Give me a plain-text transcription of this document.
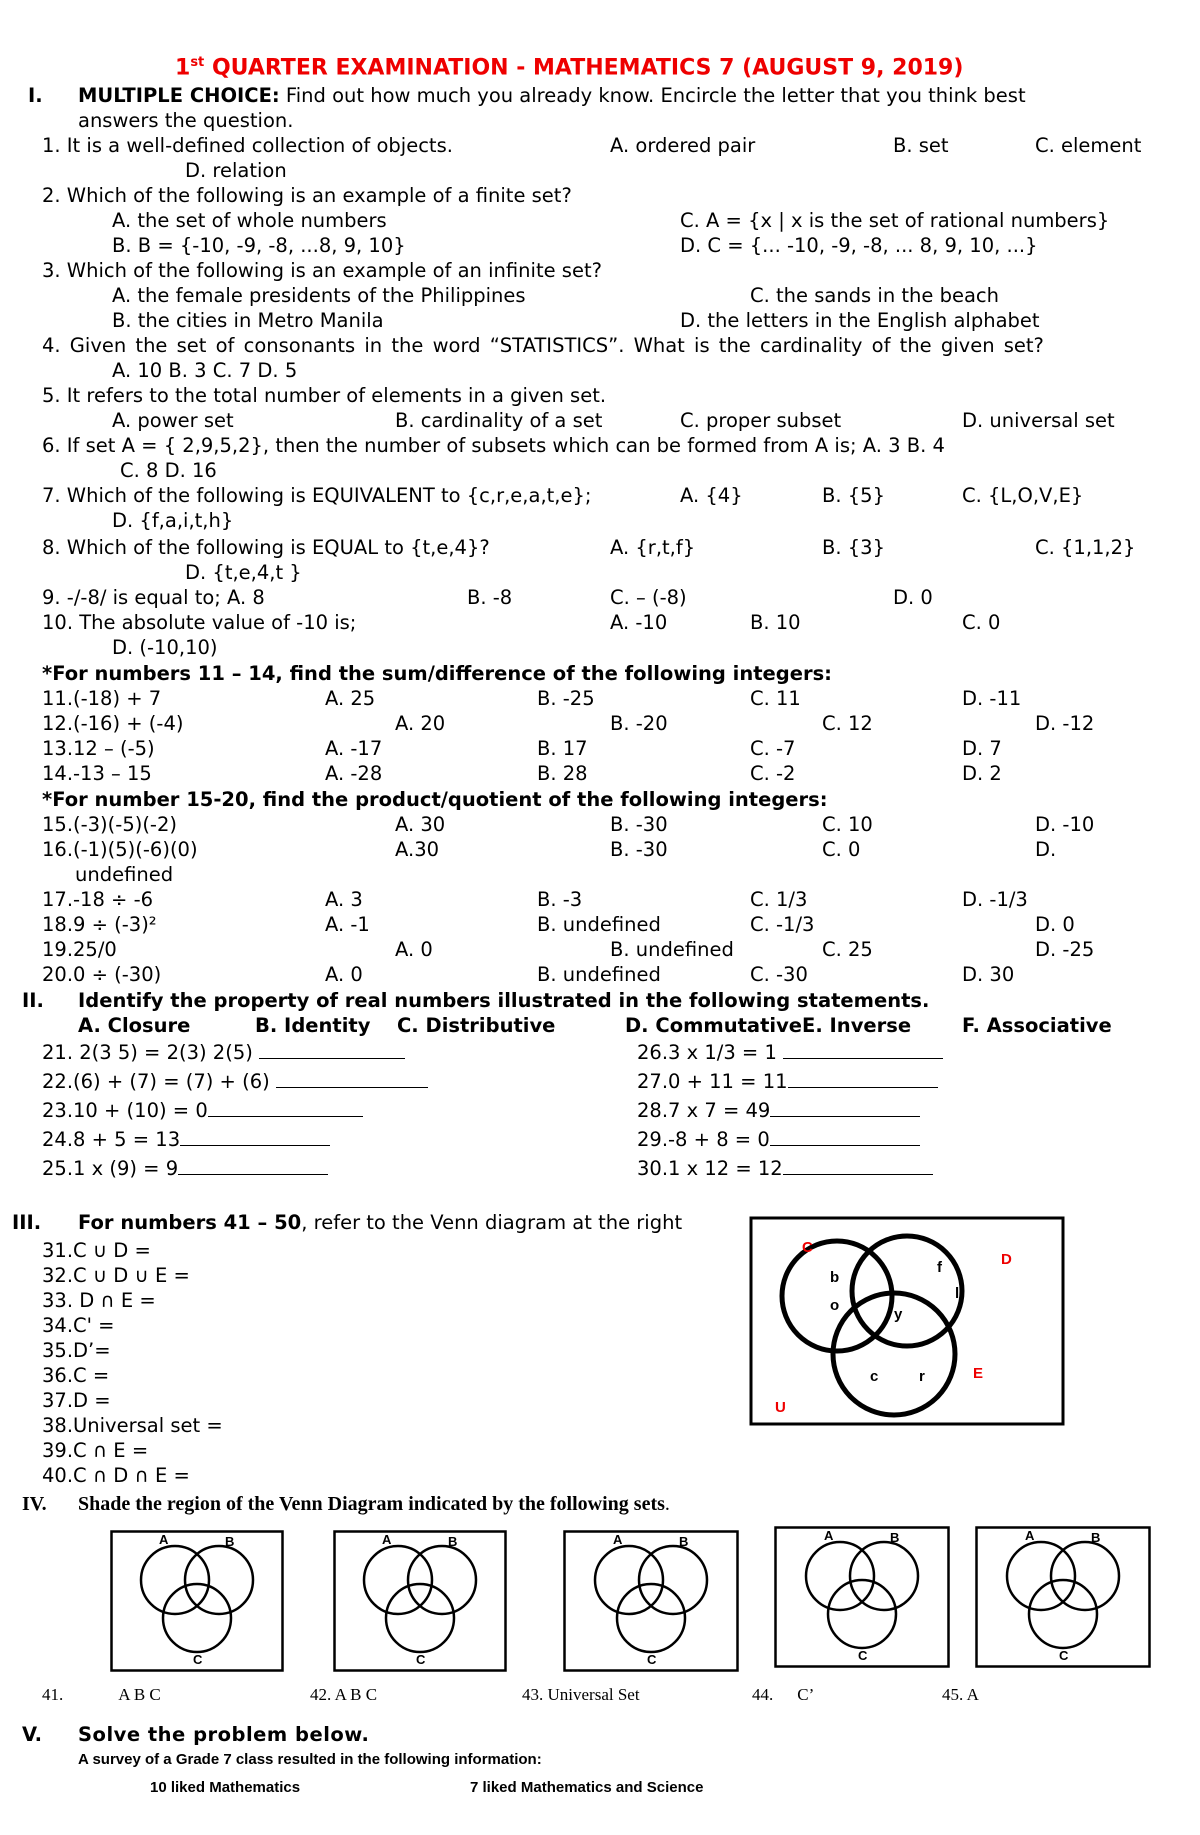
1st QUARTER EXAMINATION - MATHEMATICS 7 (AUGUST 9, 2019)
I. MULTIPLE CHOICE: Find out how much you already know. Encircle the letter that you think best
answers the question.
1. It is a well-defined collection of objects.	A. ordered pair	B. set	C. element
D. relation
2. Which of the following is an example of a finite set?
A. the set of whole numbers	C. A = {x | x is the set of rational numbers}
B. B = {-10, -9, -8, ...8, 9, 10}	D. C = {... -10, -9, -8, ... 8, 9, 10, ...}
3. Which of the following is an example of an infinite set?
A. the female presidents of the Philippines	C. the sands in the beach
B. the cities in Metro Manila	D. the letters in the English alphabet
4. Given the set of consonants in the word “STATISTICS”. What is the cardinality of the given set?
A. 10 B. 3 C. 7 D. 5
5. It refers to the total number of elements in a given set.
A. power set	B. cardinality of a set	C. proper subset	D. universal set
6. If set A = { 2,9,5,2}, then the number of subsets which can be formed from A is; A. 3 B. 4
C. 8 D. 16
7. Which of the following is EQUIVALENT to {c,r,e,a,t,e};	A. {4}	B. {5}	C. {L,O,V,E}
D. {f,a,i,t,h}
8. Which of the following is EQUAL to {t,e,4}?	A. {r,t,f}	B. {3}	C. {1,1,2}
D. {t,e,4,t }
9. -/-8/ is equal to; A. 8	B. -8	C. – (-8)	D. 0
10. The absolute value of -10 is;	A. -10	B. 10	C. 0
D. (-10,10)
*For numbers 11 – 14, find the sum/difference of the following integers:
11.(-18) + 7	A. 25	B. -25	C. 11	D. -11
12.(-16) + (-4)	A. 20	B. -20	C. 12	D. -12
13.12 – (-5)	A. -17	B. 17	C. -7	D. 7
14.-13 – 15	A. -28	B. 28	C. -2	D. 2
*For number 15-20, find the product/quotient of the following integers:
15.(-3)(-5)(-2)	A. 30	B. -30	C. 10	D. -10
16.(-1)(5)(-6)(0)	A.30	B. -30	C. 0	D.
undefined
17.-18 ÷ -6	A. 3	B. -3	C. 1/3	D. -1/3
18.9 ÷ (-3)²	A. -1	B. undefined	C. -1/3	D. 0
19.25/0	A. 0	B. undefined	C. 25	D. -25
20.0 ÷ (-30)	A. 0	B. undefined	C. -30	D. 30
II. Identify the property of real numbers illustrated in the following statements.
A. Closure	B. Identity C. Distributive	D. CommutativeE. Inverse	F. Associative
21. 2(3 5) = 2(3) 2(5)
22.(6) + (7) = (7) + (6)
23.10 + (10) = 0
24.8 + 5 = 13
25.1 x (9) = 9
26.3 x 1/3 = 1
27.0 + 11 = 11
28.7 x 7 = 49
29.-8 + 8 = 0
30.1 x 12 = 12
III. For numbers 41 – 50, refer to the Venn diagram at the right
31.C ∪ D =
32.C ∪ D ∪ E =
33. D ∩ E =
34.C' =
35.D’=
36.C =
37.D =
38.Universal set =
39.C ∩ E =
40.C ∩ D ∩ E =
C
D
E
U
b
o
f
l
y
c	r
IV. Shade the region of the Venn Diagram indicated by the following sets.
A	B
C
A	B
C
A	B
C
A	B
C
A	B
C
41.	A B C	42. A B C	43. Universal Set	44. C’	45. A
V. Solve the problem below.
A survey of a Grade 7 class resulted in the following information:
10 liked Mathematics	7 liked Mathematics and Science
